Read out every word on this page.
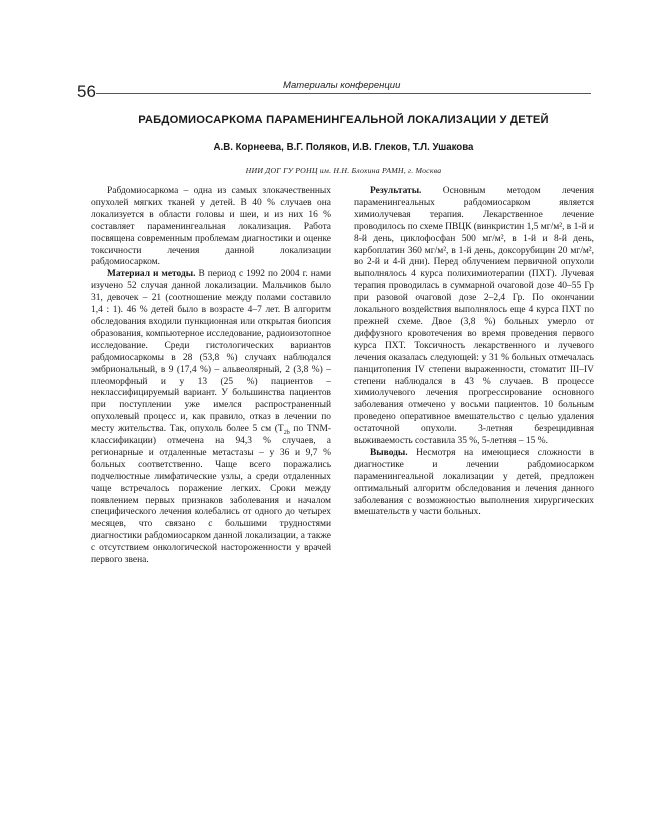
56	Материалы конференции
РАБДОМИОСАРКОМА ПАРАМЕНИНГЕАЛЬНОЙ ЛОКАЛИЗАЦИИ У ДЕТЕЙ
А.В. Корнеева, В.Г. Поляков, И.В. Глеков, Т.Л. Ушакова
НИИ ДОГ ГУ РОНЦ им. Н.Н. Блохина РАМН, г. Москва

Рабдомиосаркома – одна из самых злокачественных опухолей мягких тканей у детей. В 40 % случаев она локализуется в области головы и шеи, и из них 16 % составляет параменингеальная локализация. Работа посвящена современным проблемам диагностики и оценке токсичности лечения данной локализации рабдомиосарком.

Материал и методы. В период с 1992 по 2004 г. нами изучено 52 случая данной локализации. Мальчиков было 31, девочек – 21 (соотношение между полами составило 1,4 : 1). 46 % детей было в возрасте 4–7 лет. В алгоритм обследования входили пункционная или открытая биопсия образования, компьютерное исследование, радиоизотопное исследование. Среди гистологических вариантов рабдомиосаркомы в 28 (53,8 %) случаях наблюдался эмбриональный, в 9 (17,4 %) – альвеолярный, 2 (3,8 %) – плеоморфный и у 13 (25 %) пациентов – неклассифицируемый вариант. У большинства пациентов при поступлении уже имелся распространенный опухолевый процесс и, как правило, отказ в лечении по месту жительства. Так, опухоль более 5 см ($T_{2b}$ по TNM-классификации) отмечена на 94,3 % случаев, а регионарные и отдаленные метастазы – у 36 и 9,7 % больных соответственно. Чаще всего поражались подчелюстные лимфатические узлы, а среди отдаленных чаще встречалось поражение легких. Сроки между появлением первых признаков заболевания и началом специфического лечения колебались от одного до четырех месяцев, что связано с большими трудностями диагностики рабдомиосарком данной локализации, а также с отсутствием онкологической настороженности у врачей первого звена.

Результаты. Основным методом лечения параменингеальных рабдомиосарком является химиолучевая терапия. Лекарственное лечение проводилось по схеме ПВЦК (винкристин 1,5 мг/м², в 1-й и 8-й день, циклофосфан 500 мг/м², в 1-й и 8-й день, карбоплатин 360 мг/м², в 1-й день, доксорубицин 20 мг/м², во 2-й и 4-й дни). Перед облучением первичной опухоли выполнялось 4 курса полихимиотерапии (ПХТ). Лучевая терапия проводилась в суммарной очаговой дозе 40–55 Гр при разовой очаговой дозе 2–2,4 Гр. По окончании локального воздействия выполнялось еще 4 курса ПХТ по прежней схеме. Двое (3,8 %) больных умерло от диффузного кровотечения во время проведения первого курса ПХТ. Токсичность лекарственного и лучевого лечения оказалась следующей: у 31 % больных отмечалась панцитопения IV степени выраженности, стоматит III–IV степени наблюдался в 43 % случаев. В процессе химиолучевого лечения прогрессирование основного заболевания отмечено у восьми пациентов. 10 больным проведено оперативное вмешательство с целью удаления остаточной опухоли. 3-летняя безрецидивная выживаемость составила 35 %, 5-летняя – 15 %.

Выводы. Несмотря на имеющиеся сложности в диагностике и лечении рабдомиосарком параменингеальной локализации у детей, предложен оптимальный алгоритм обследования и лечения данного заболевания с возможностью выполнения хирургических вмешательств у части больных.
